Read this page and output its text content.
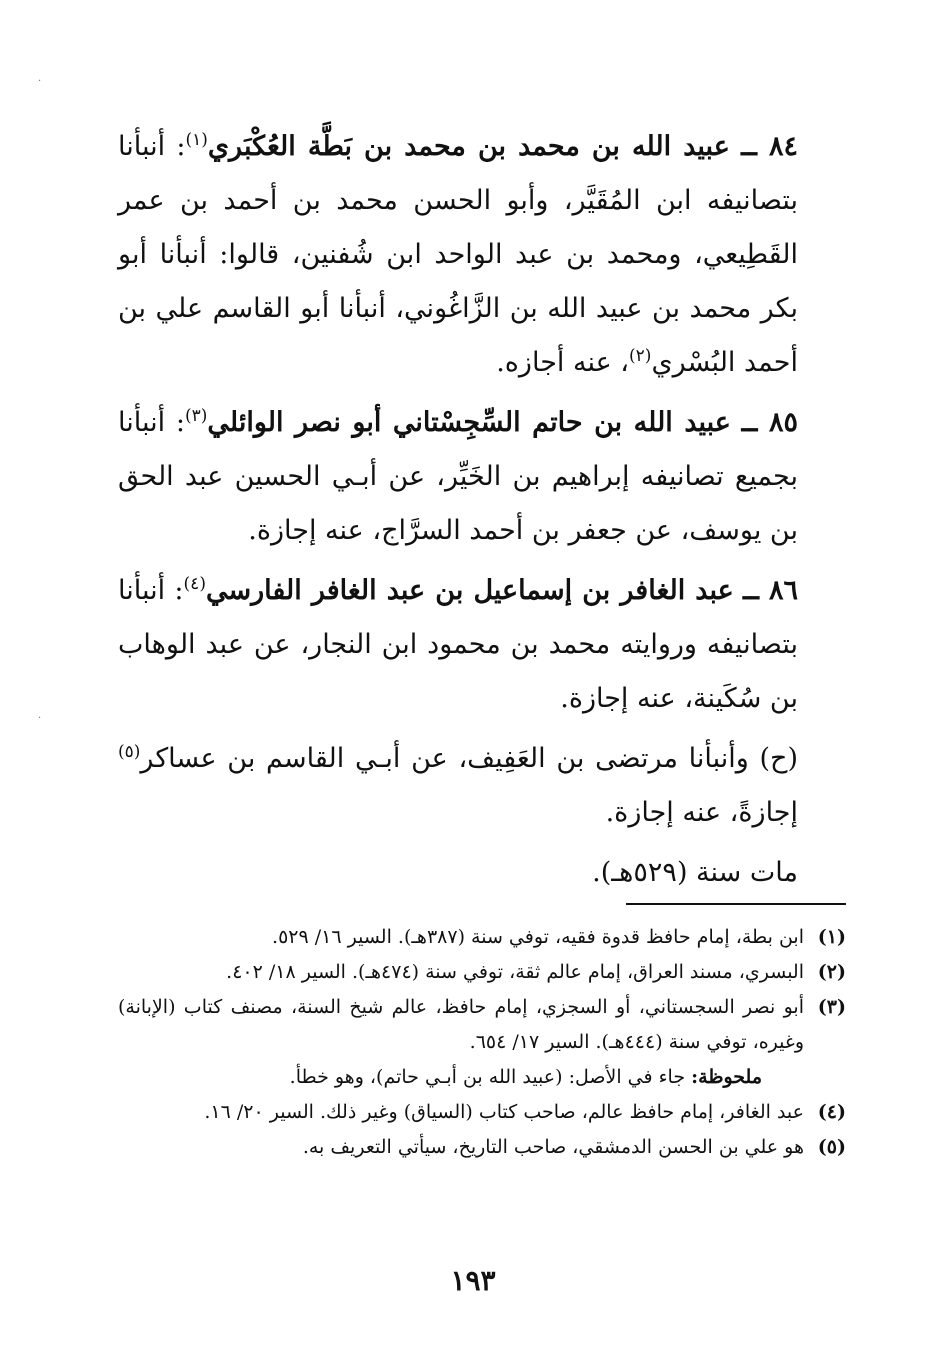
·
·

٨٤ ــ عبيد الله بن محمد بن محمد بن بَطَّة العُكْبَري$^{(١)}$: أنبأنا بتصانيفه ابن المُقَيَّر، وأبو الحسن محمد بن أحمد بن عمر القَطِيعي، ومحمد بن عبد الواحد ابن شُفنين، قالوا: أنبأنا أبو بكر محمد بن عبيد الله بن الزَّاغُوني، أنبأنا أبو القاسم علي بن أحمد البُسْري$^{(٢)}$، عنه أجازه.

٨٥ ــ عبيد الله بن حاتم السِّجِسْتاني أبو نصر الوائلي$^{(٣)}$: أنبأنا بجميع تصانيفه إبراهيم بن الخَيِّر، عن أبـي الحسين عبد الحق بن يوسف، عن جعفر بن أحمد السرَّاج، عنه إجازة.

٨٦ ــ عبد الغافر بن إسماعيل بن عبد الغافر الفارسي$^{(٤)}$: أنبأنا بتصانيفه وروايته محمد بن محمود ابن النجار، عن عبد الوهاب بن سُكَينة، عنه إجازة.

(ح) وأنبأنا مرتضى بن العَفِيف، عن أبـي القاسم بن عساكر$^{(٥)}$ إجازةً، عنه إجازة.

مات سنة (٥٢٩هـ).

(١)
ابن بطة، إمام حافظ قدوة فقيه، توفي سنة (٣٨٧هـ). السير ١٦/ ٥٢٩.
(٢)
البسري، مسند العراق، إمام عالم ثقة، توفي سنة (٤٧٤هـ). السير ١٨/ ٤٠٢.
(٣)
أبو نصر السجستاني، أو السجزي، إمام حافظ، عالم شيخ السنة، مصنف كتاب (الإبانة) وغيره، توفي سنة (٤٤٤هـ). السير ١٧/ ٦٥٤.
ملحوظة: جاء في الأصل: (عبيد الله بن أبـي حاتم)، وهو خطأ.
(٤)
عبد الغافر، إمام حافظ عالم، صاحب كتاب (السياق) وغير ذلك. السير ٢٠/ ١٦.
(٥)
هو علي بن الحسن الدمشقي، صاحب التاريخ، سيأتي التعريف به.
١٩٣
